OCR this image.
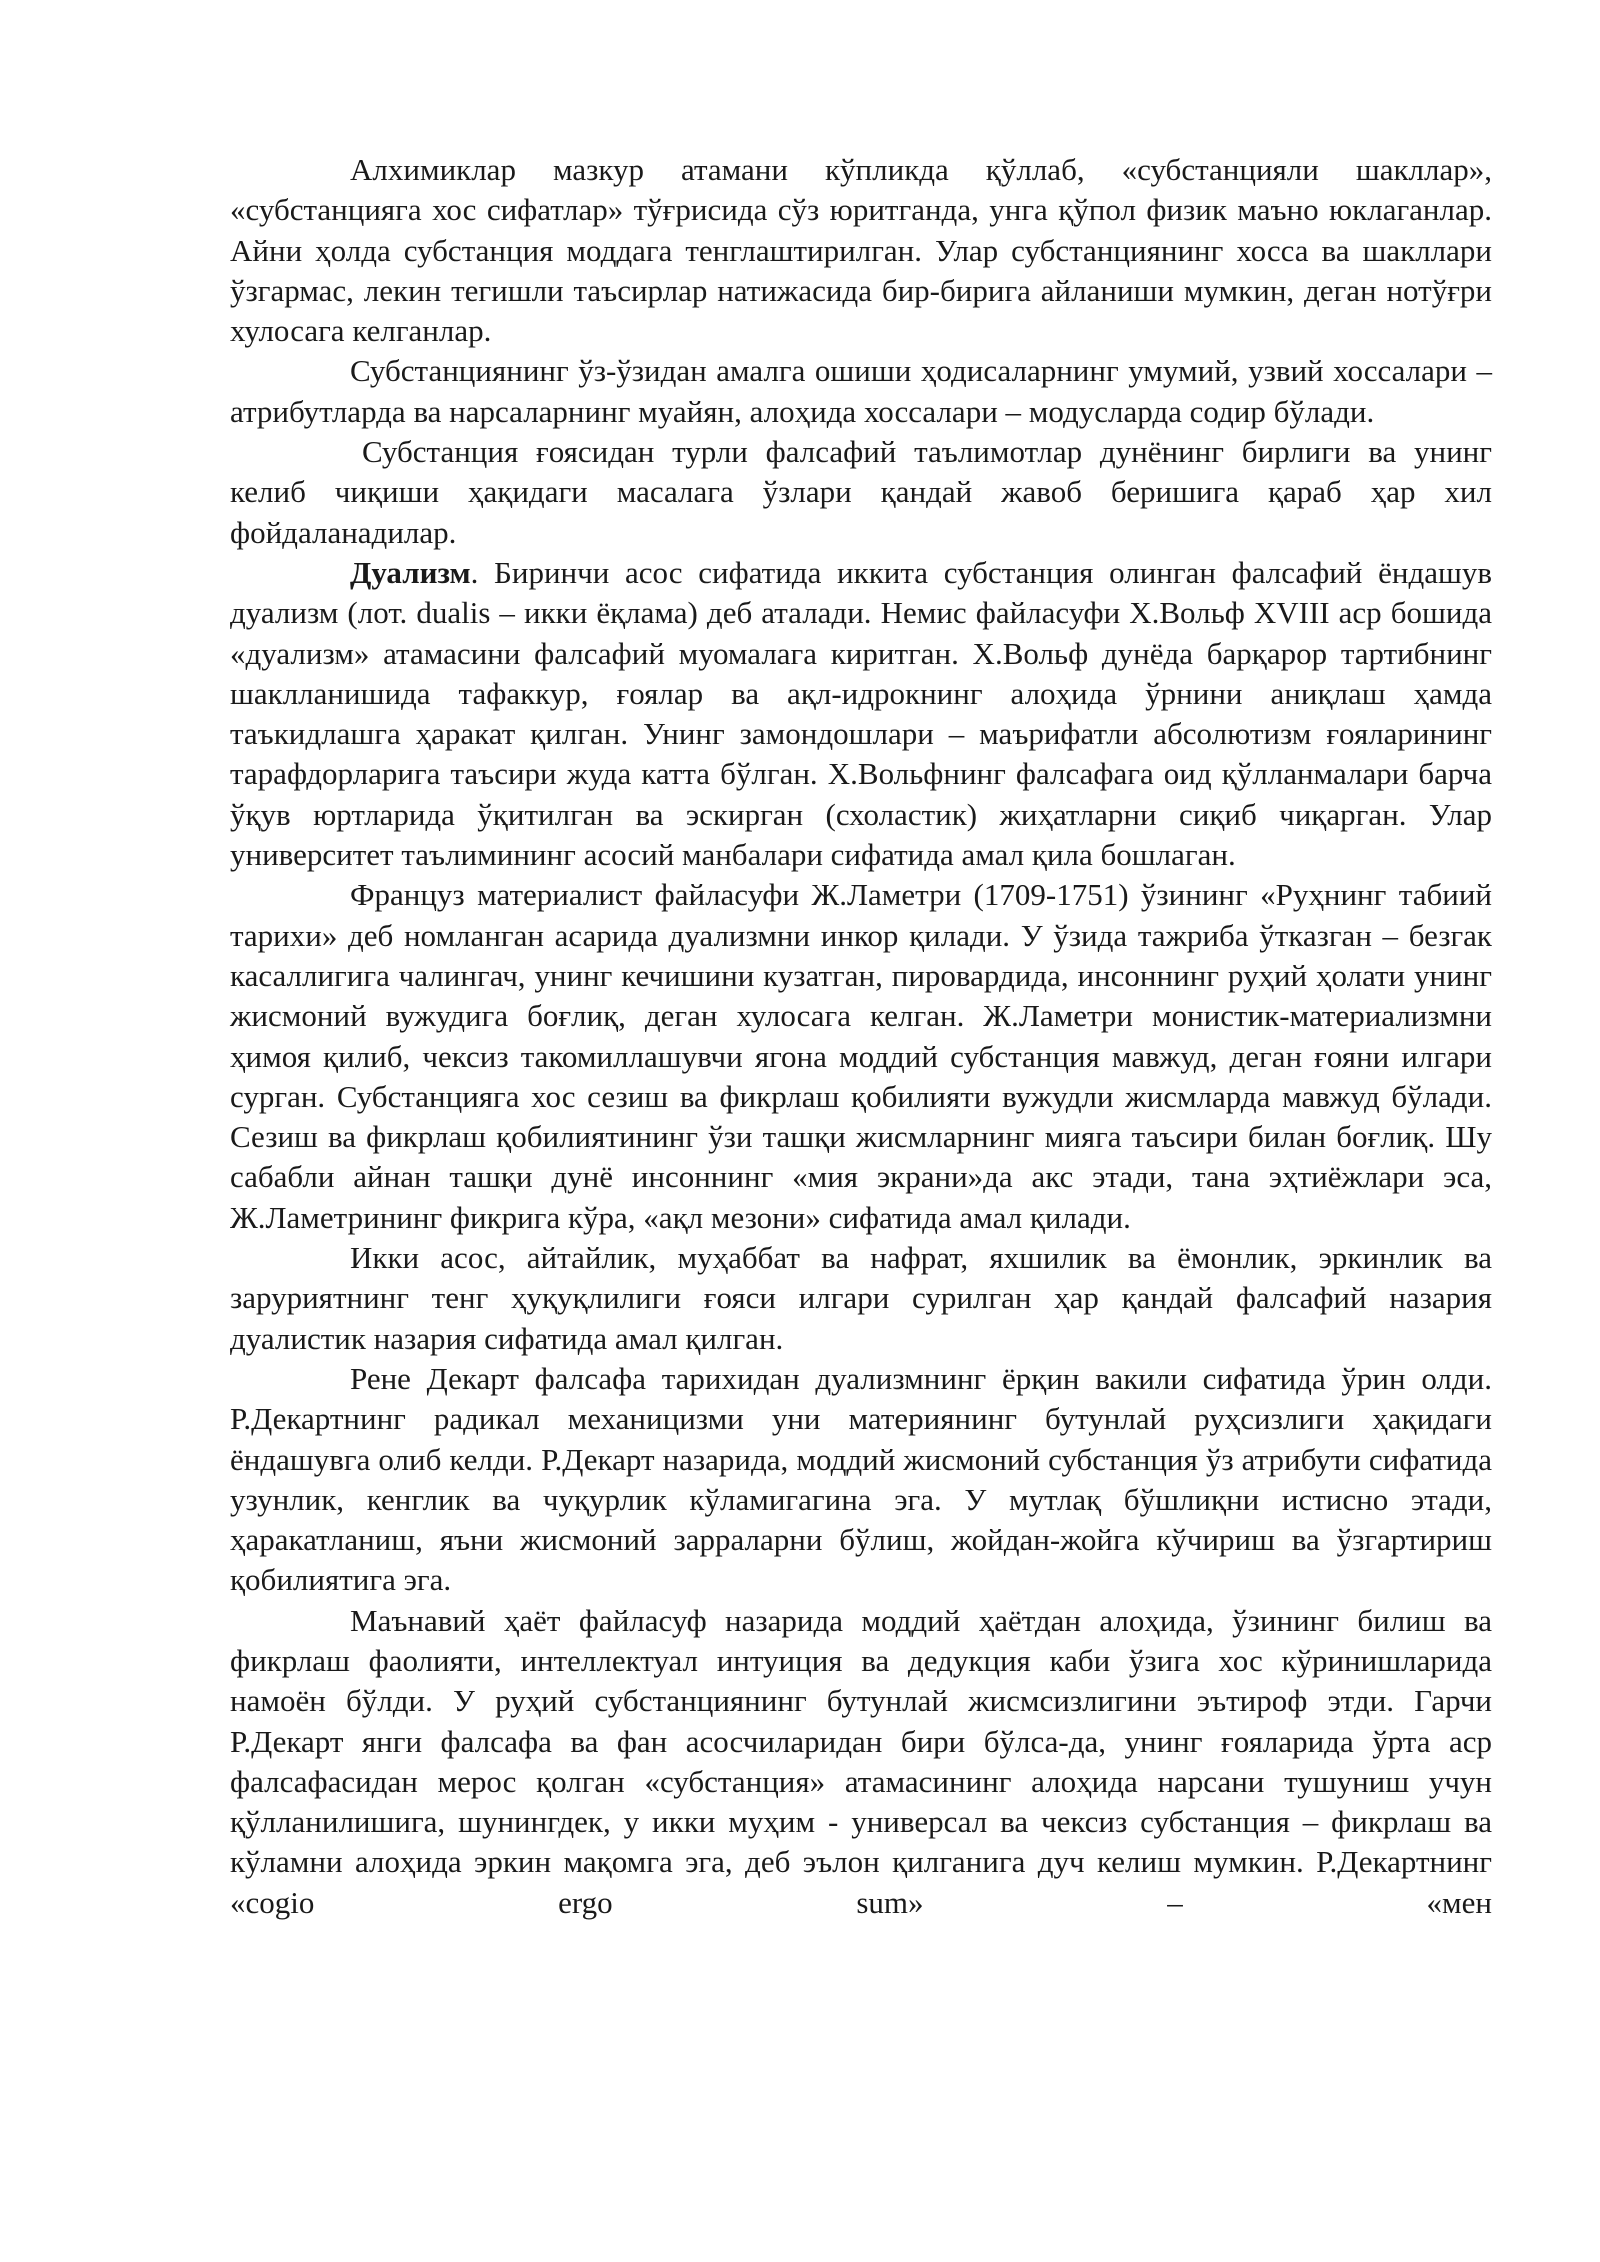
Алхимиклар мазкур атамани кўпликда қўллаб, «субстанцияли шакллар», «субстанцияга хос сифатлар» тўғрисида сўз юритганда, унга қўпол физик маъно юклаганлар. Айни ҳолда субстанция моддага тенглаштирилган. Улар субстанциянинг хосса ва шакллари ўзгармас, лекин тегишли таъсирлар натижасида бир-бирига айланиши мумкин, деган нотўғри хулосага келганлар.

Субстанциянинг ўз-ўзидан амалга ошиши ҳодисаларнинг умумий, узвий хоссалари – атрибутларда ва нарсаларнинг муайян, алоҳида хоссалари – модусларда содир бўлади.

Субстанция ғоясидан турли фалсафий таълимотлар дунёнинг бирлиги ва унинг келиб чиқиши ҳақидаги масалага ўзлари қандай жавоб беришига қараб ҳар хил фойдаланадилар.

Дуализм. Биринчи асос сифатида иккита субстанция олинган фалсафий ёндашув дуализм (лот. dualis – икки ёқлама) деб аталади. Немис файласуфи Х.Вольф XVIII аср бошида «дуализм» атамасини фалсафий муомалага киритган. Х.Вольф дунёда барқарор тартибнинг шаклланишида тафаккур, ғоялар ва ақл-идрокнинг алоҳида ўрнини аниқлаш ҳамда таъкидлашга ҳаракат қилган. Унинг замондошлари – маърифатли абсолютизм ғояларининг тарафдорларига таъсири жуда катта бўлган. Х.Вольфнинг фалсафага оид қўлланмалари барча ўқув юртларида ўқитилган ва эскирган (схоластик) жиҳатларни сиқиб чиқарган. Улар университет таълимининг асосий манбалари сифатида амал қила бошлаган.

Француз материалист файласуфи Ж.Ламетри (1709-1751) ўзининг «Руҳнинг табиий тарихи» деб номланган асарида дуализмни инкор қилади. У ўзида тажриба ўтказган – безгак касаллигига чалингач, унинг кечишини кузатган, пировардида, инсоннинг руҳий ҳолати унинг жисмоний вужудига боғлиқ, деган хулосага келган. Ж.Ламетри монистик-материализмни ҳимоя қилиб, чексиз такомиллашувчи ягона моддий субстанция мавжуд, деган ғояни илгари сурган. Субстанцияга хос сезиш ва фикрлаш қобилияти вужудли жисмларда мавжуд бўлади. Сезиш ва фикрлаш қобилиятининг ўзи ташқи жисмларнинг мияга таъсири билан боғлиқ. Шу сабабли айнан ташқи дунё инсоннинг «мия экрани»да акс этади, тана эҳтиёжлари эса, Ж.Ламетрининг фикрига кўра, «ақл мезони» сифатида амал қилади.

Икки асос, айтайлик, муҳаббат ва нафрат, яхшилик ва ёмонлик, эркинлик ва заруриятнинг тенг ҳуқуқлилиги ғояси илгари сурилган ҳар қандай фалсафий назария дуалистик назария сифатида амал қилган.

Рене Декарт фалсафа тарихидан дуализмнинг ёрқин вакили сифатида ўрин олди. Р.Декартнинг радикал механицизми уни материянинг бутунлай руҳсизлиги ҳақидаги ёндашувга олиб келди. Р.Декарт назарида, моддий жисмоний субстанция ўз атрибути сифатида узунлик, кенглик ва чуқурлик кўламигагина эга. У мутлақ бўшлиқни истисно этади, ҳаракатланиш, яъни жисмоний зарраларни бўлиш, жойдан-жойга кўчириш ва ўзгартириш қобилиятига эга.

Маънавий ҳаёт файласуф назарида моддий ҳаётдан алоҳида, ўзининг билиш ва фикрлаш фаолияти, интеллектуал интуиция ва дедукция каби ўзига хос кўринишларида намоён бўлди. У руҳий субстанциянинг бутунлай жисмсизлигини эътироф этди. Гарчи Р.Декарт янги фалсафа ва фан асосчиларидан бири бўлса-да, унинг ғояларида ўрта аср фалсафасидан мерос қолган «субстанция» атамасининг алоҳида нарсани тушуниш учун қўлланилишига, шунингдек, у икки муҳим - универсал ва чексиз субстанция – фикрлаш ва кўламни алоҳида эркин мақомга эга, деб эълон қилганига дуч келиш мумкин. Р.Декартнинг «cogio ergo sum» – «мен
